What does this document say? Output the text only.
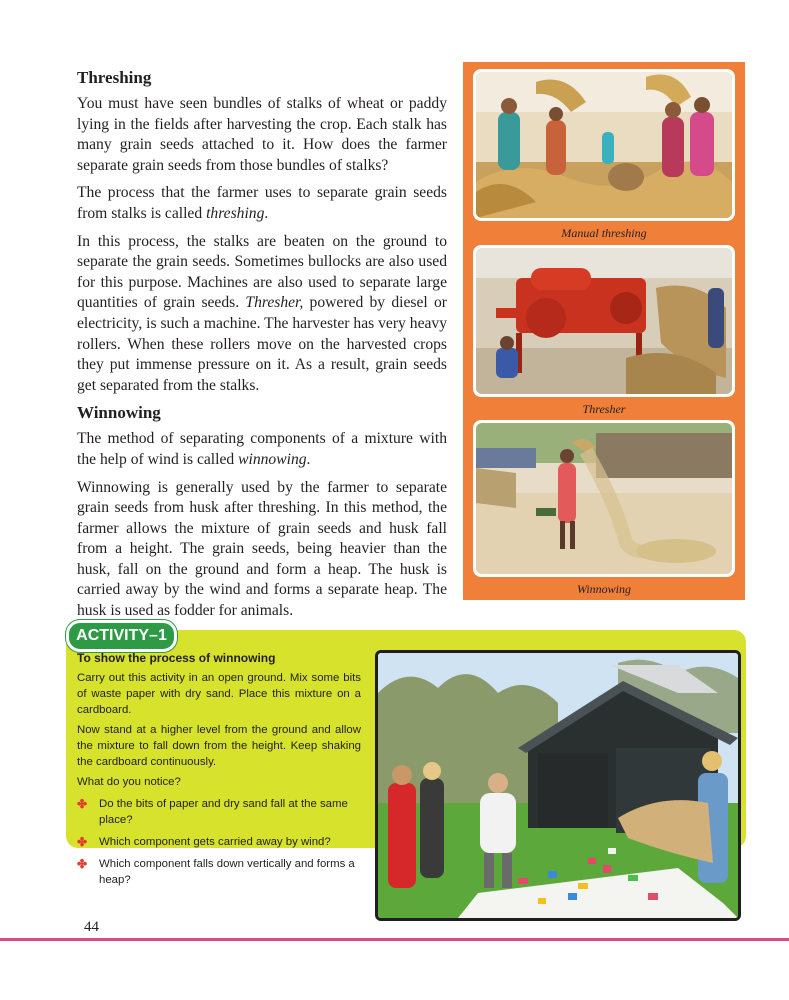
Threshing

You must have seen bundles of stalks of wheat or paddy lying in the fields after harvesting the crop. Each stalk has many grain seeds attached to it. How does the farmer separate grain seeds from those bundles of stalks?

The process that the farmer uses to separate grain seeds from stalks is called threshing.

In this process, the stalks are beaten on the ground to separate the grain seeds. Sometimes bullocks are also used for this purpose. Machines are also used to separate large quantities of grain seeds. Thresher, powered by diesel or electricity, is such a machine. The harvester has very heavy rollers. When these rollers move on the harvested crops they put immense pressure on it. As a result, grain seeds get separated from the stalks.

Winnowing

The method of separating components of a mixture with the help of wind is called winnowing.

Winnowing is generally used by the farmer to separate grain seeds from husk after threshing. In this method, the farmer allows the mixture of grain seeds and husk fall from a height. The grain seeds, being heavier than the husk, fall on the ground and form a heap. The husk is carried away by the wind and forms a separate heap. The husk is used as fodder for animals.

Manual threshing
Thresher
Winnowing
ACTIVITY–1
To show the process of winnowing

Carry out this activity in an open ground. Mix some bits of waste paper with dry sand. Place this mixture on a cardboard.

Now stand at a higher level from the ground and allow the mixture to fall down from the height. Keep shaking the cardboard continuously.

What do you notice?

✤	Do the bits of paper and dry sand fall at the same place?
✤	Which component gets carried away by wind?
✤	Which component falls down vertically and forms a heap?
44
